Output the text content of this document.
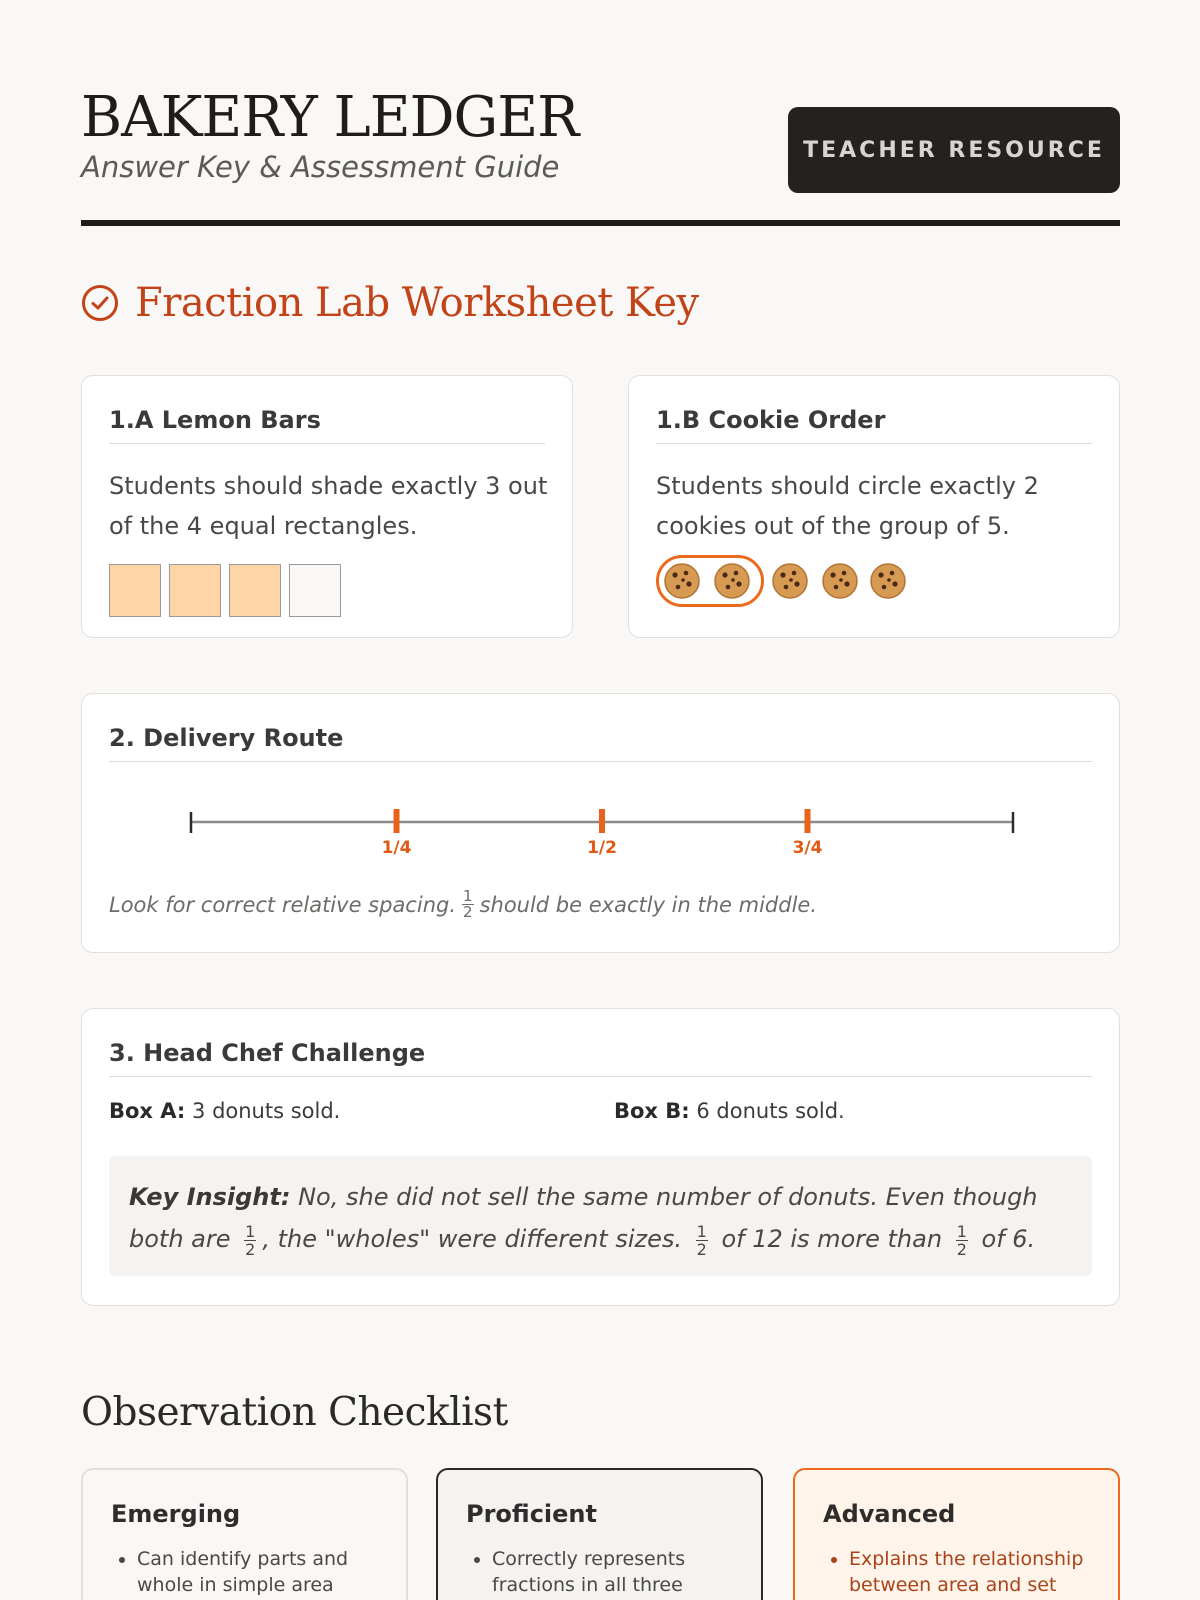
BAKERY LEDGER
Answer Key & Assessment Guide	TEACHER RESOURCE
Fraction Lab Worksheet Key
1.A Lemon Bars
Students should shade exactly 3 out of the 4 equal rectangles.
1.B Cookie Order
Students should circle exactly 2 cookies out of the group of 5.
2. Delivery Route
1/4	1/2	3/4
Look for correct relative spacing. $\frac{1}{2}$ should be exactly in the middle.
3. Head Chef Challenge
Box A: 3 donuts sold.	Box B: 6 donuts sold.
Key Insight: No, she did not sell the same number of donuts. Even though both are $\frac{1}{2}$ , the "wholes" were different sizes. $\frac{1}{2}$ of 12 is more than $\frac{1}{2}$ of 6.
Observation Checklist
Emerging
• Can identify parts and whole in simple area
Proficient
• Correctly represents fractions in all three
Advanced
• Explains the relationship between area and set
